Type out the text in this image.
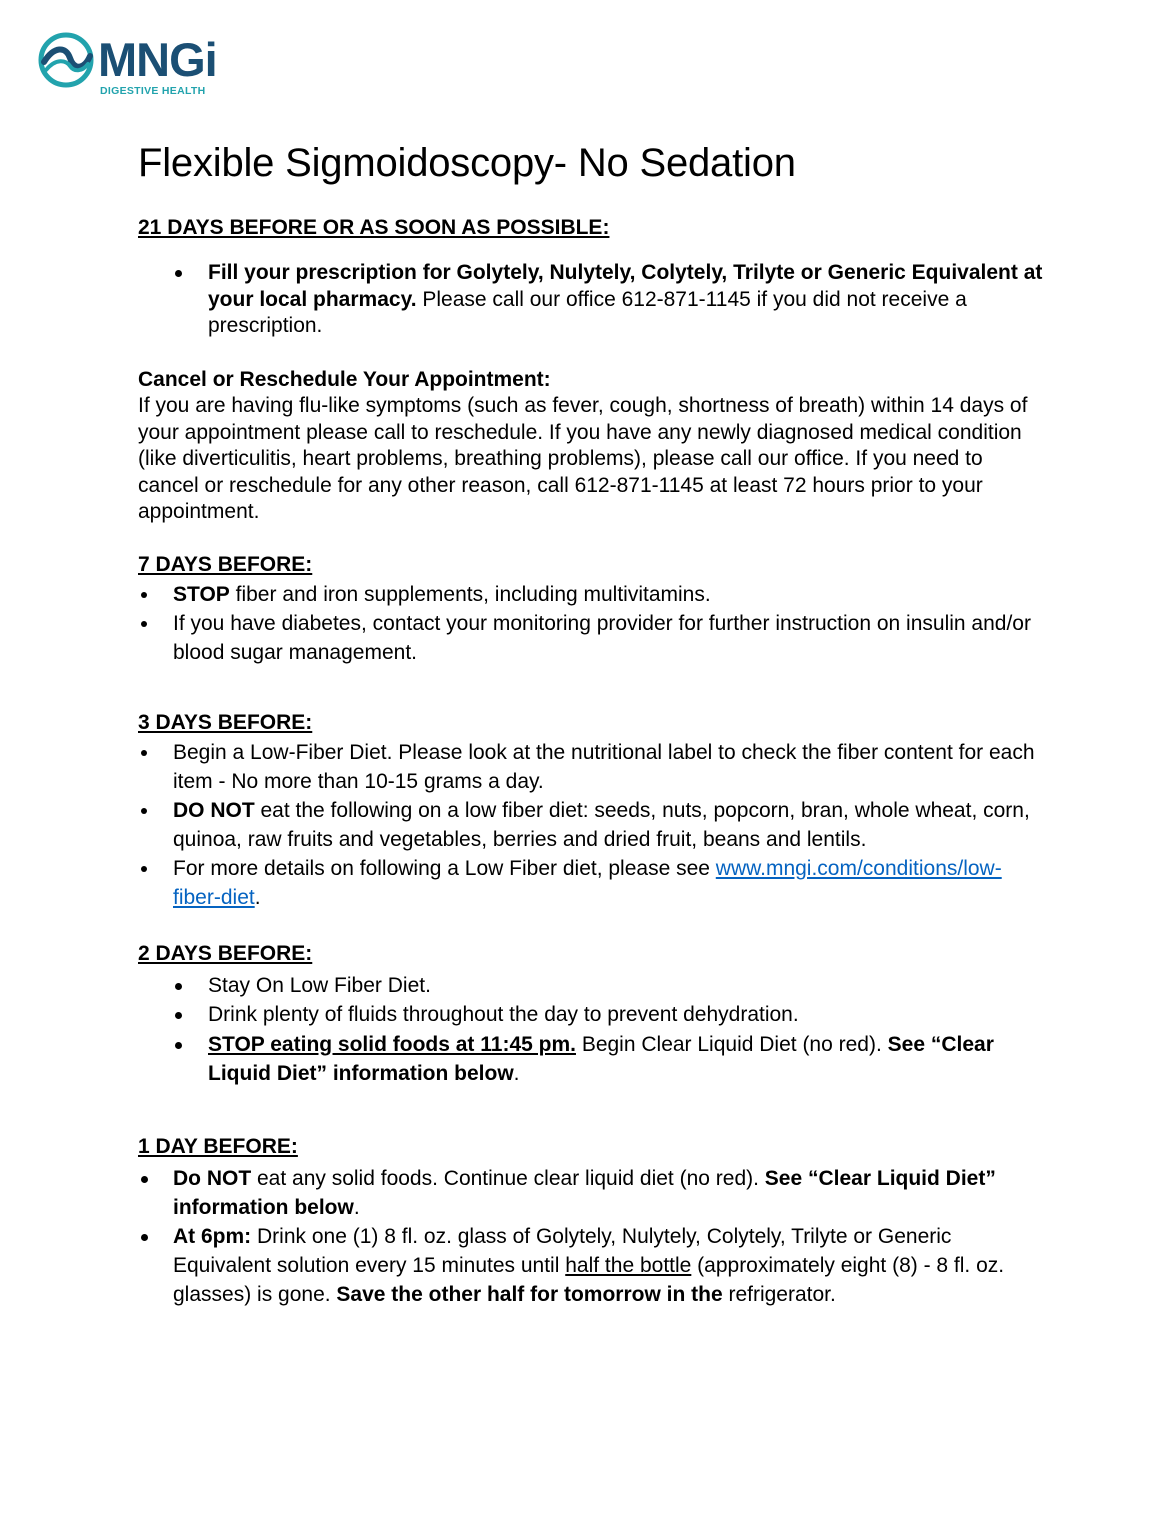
MNGi
DIGESTIVE HEALTH
Flexible Sigmoidoscopy- No Sedation
21 DAYS BEFORE OR AS SOON AS POSSIBLE:
Fill your prescription for Golytely, Nulytely, Colytely, Trilyte or Generic Equivalent at your local pharmacy. Please call our office 612-871-1145 if you did not receive a prescription.

Cancel or Reschedule Your Appointment:

If you are having flu-like symptoms (such as fever, cough, shortness of breath) within 14 days of your appointment please call to reschedule. If you have any newly diagnosed medical condition (like diverticulitis, heart problems, breathing problems), please call our office. If you need to cancel or reschedule for any other reason, call 612-871-1145 at least 72 hours prior to your appointment.

7 DAYS BEFORE:
STOP fiber and iron supplements, including multivitamins.
If you have diabetes, contact your monitoring provider for further instruction on insulin and/or blood sugar management.
3 DAYS BEFORE:
Begin a Low-Fiber Diet. Please look at the nutritional label to check the fiber content for each item - No more than 10-15 grams a day.
DO NOT eat the following on a low fiber diet: seeds, nuts, popcorn, bran, whole wheat, corn, quinoa, raw fruits and vegetables, berries and dried fruit, beans and lentils.
For more details on following a Low Fiber diet, please see www.mngi.com/conditions/low-fiber-diet.
2 DAYS BEFORE:
Stay On Low Fiber Diet.
Drink plenty of fluids throughout the day to prevent dehydration.
STOP eating solid foods at 11:45 pm. Begin Clear Liquid Diet (no red). See “Clear Liquid Diet” information below.
1 DAY BEFORE:
Do NOT eat any solid foods. Continue clear liquid diet (no red). See “Clear Liquid Diet” information below.
At 6pm: Drink one (1) 8 fl. oz. glass of Golytely, Nulytely, Colytely, Trilyte or Generic Equivalent solution every 15 minutes until half the bottle (approximately eight (8) - 8 fl. oz. glasses) is gone. Save the other half for tomorrow in the refrigerator.
